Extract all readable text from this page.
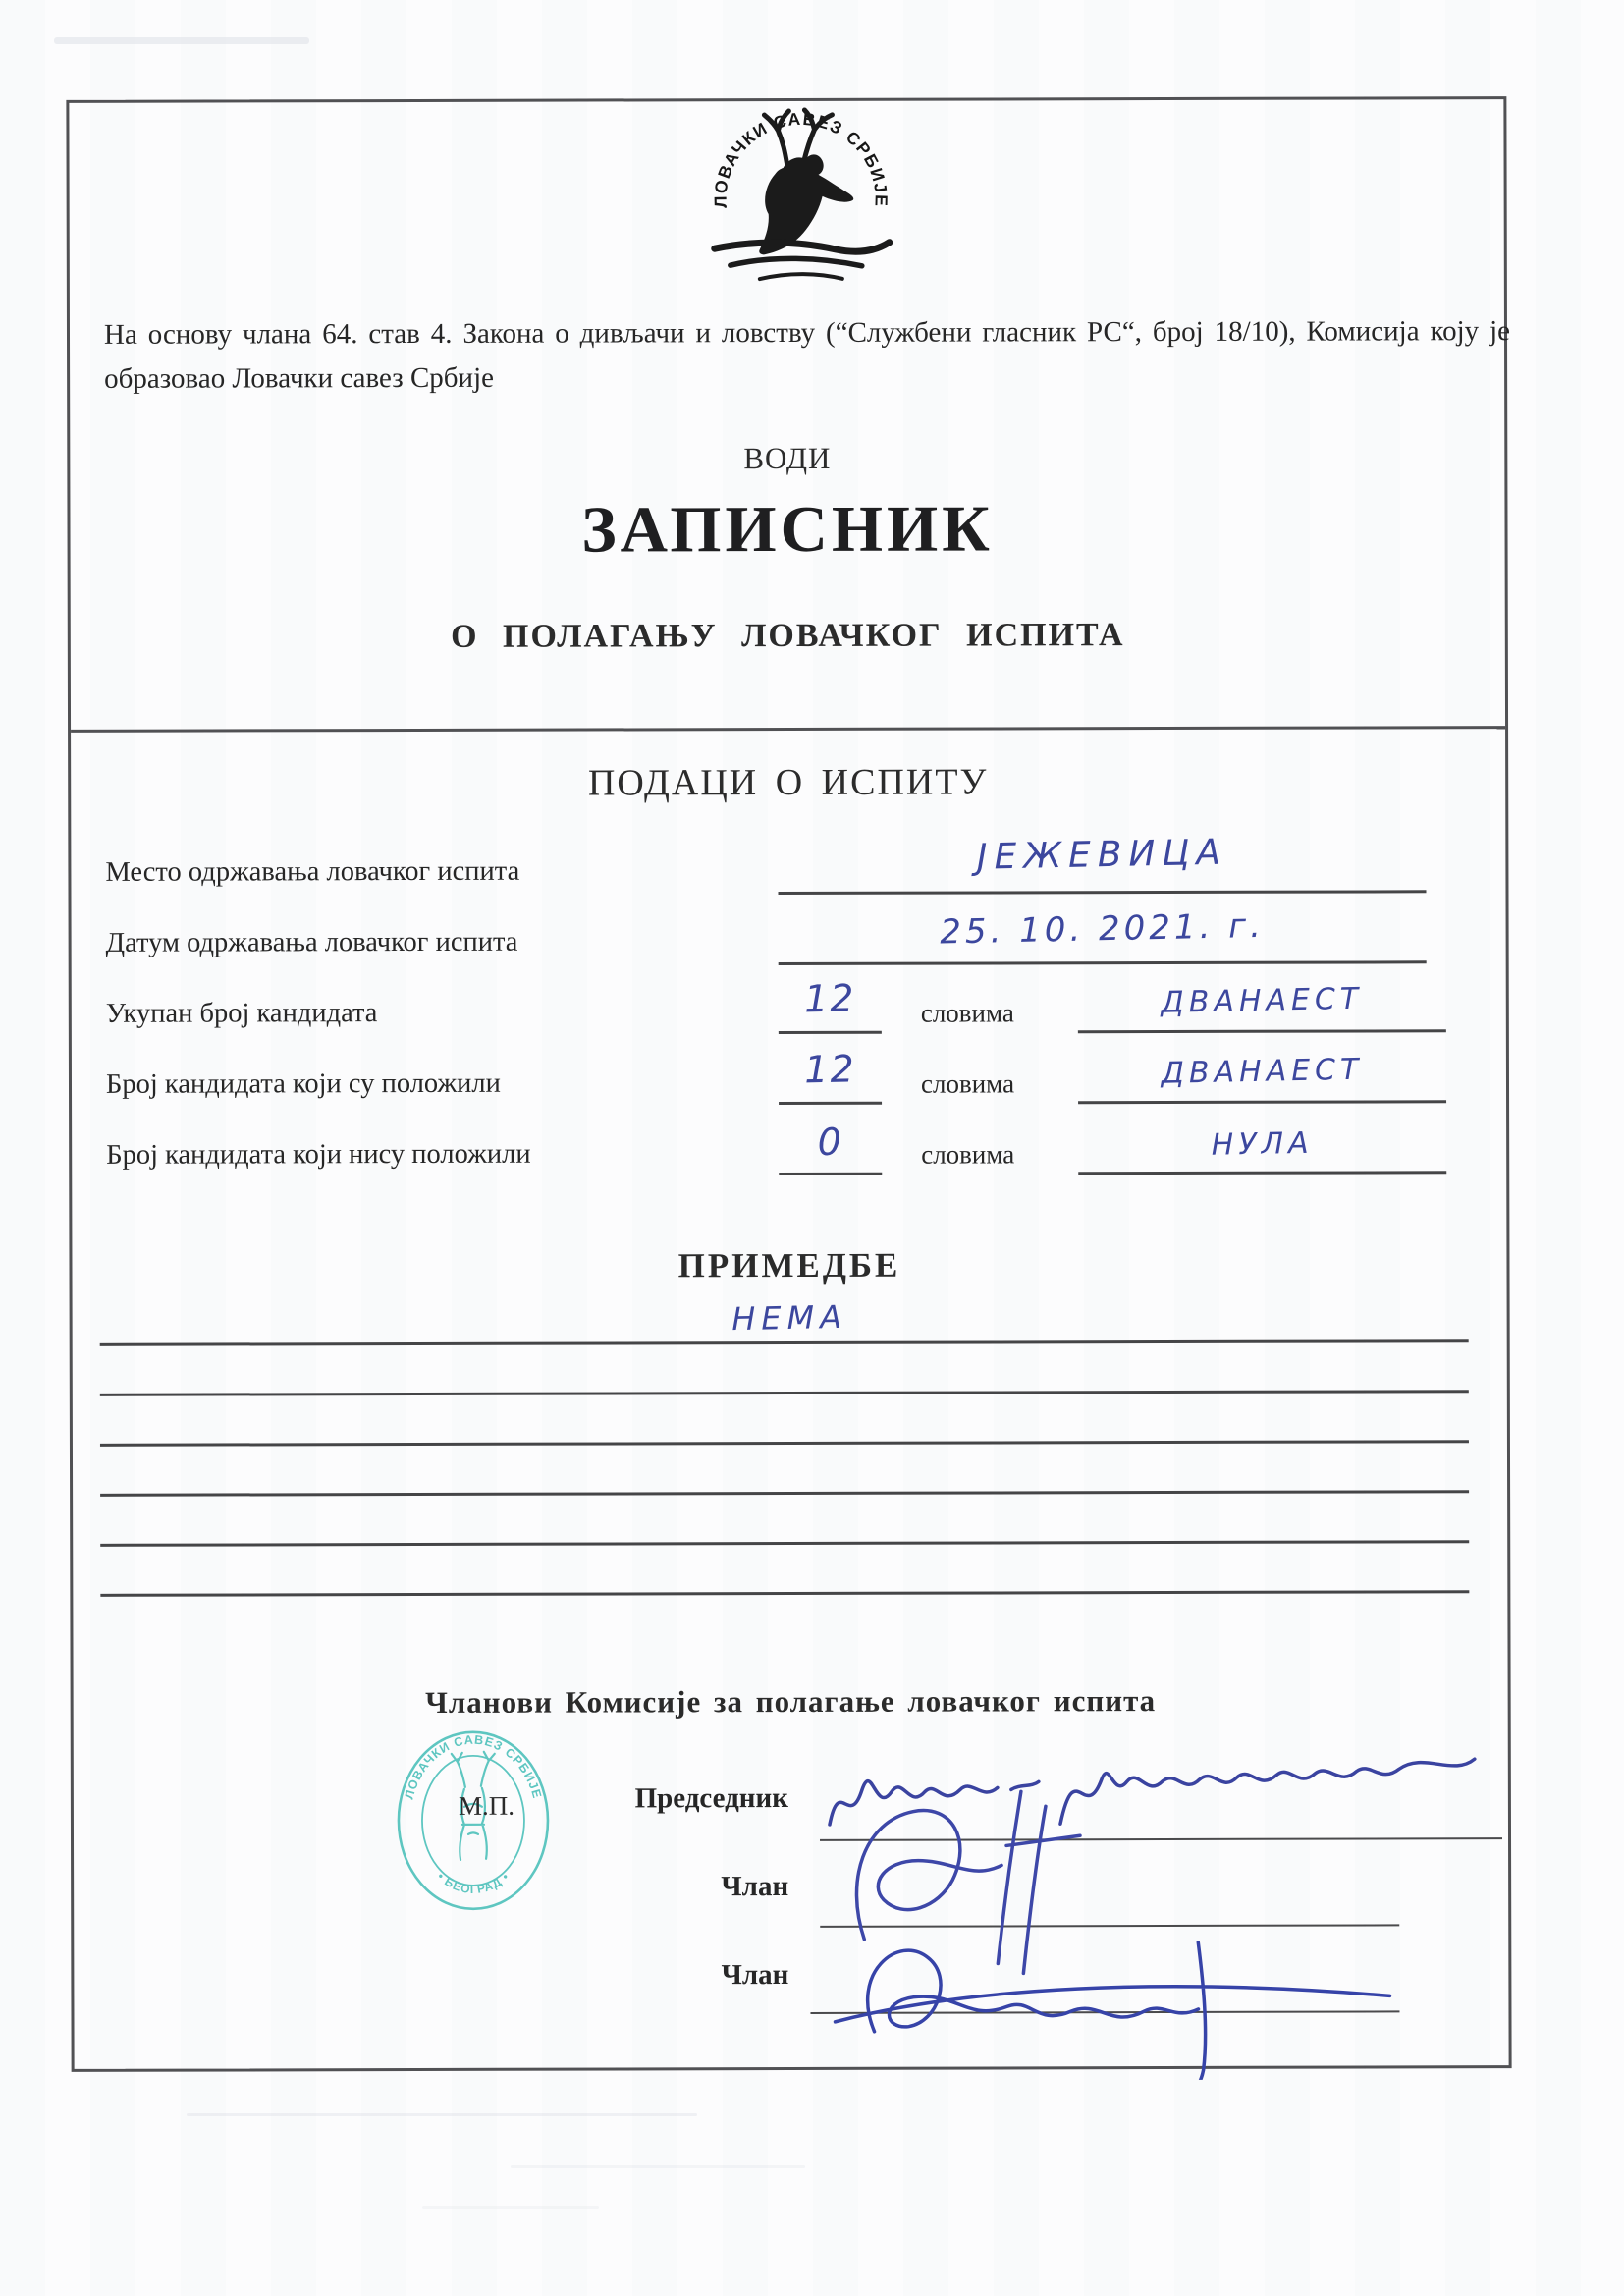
ЛОВАЧКИ САВЕЗ СРБИЈЕ

На основу члана 64. став 4. Закона о дивљачи и ловству (“Службени гласник РС“, број 18/10), Комисија коју је образовао Ловачки савез Србије

ВОДИ
ЗАПИСНИК
О ПОЛАГАЊУ ЛОВАЧКОГ ИСПИТА
ПОДАЦИ О ИСПИТУ
Место одржавања ловачког испита	ЈЕЖЕВИЦА
Датум одржавања ловачког испита	25. 10. 2021. г.
Укупан број кандидата	12	словима	ДВАНАЕСТ
Број кандидата који су положили	12	словима	ДВАНАЕСТ
Број кандидата који нису положили	0	словима	НУЛА
ПРИМЕДБЕ
НЕМА
Чланови Комисије за полагање ловачког испита
ЛОВАЧКИ САВЕЗ СРБИЈЕ
• БЕОГРАД •
М.П.	Председник
Члан
Члан
